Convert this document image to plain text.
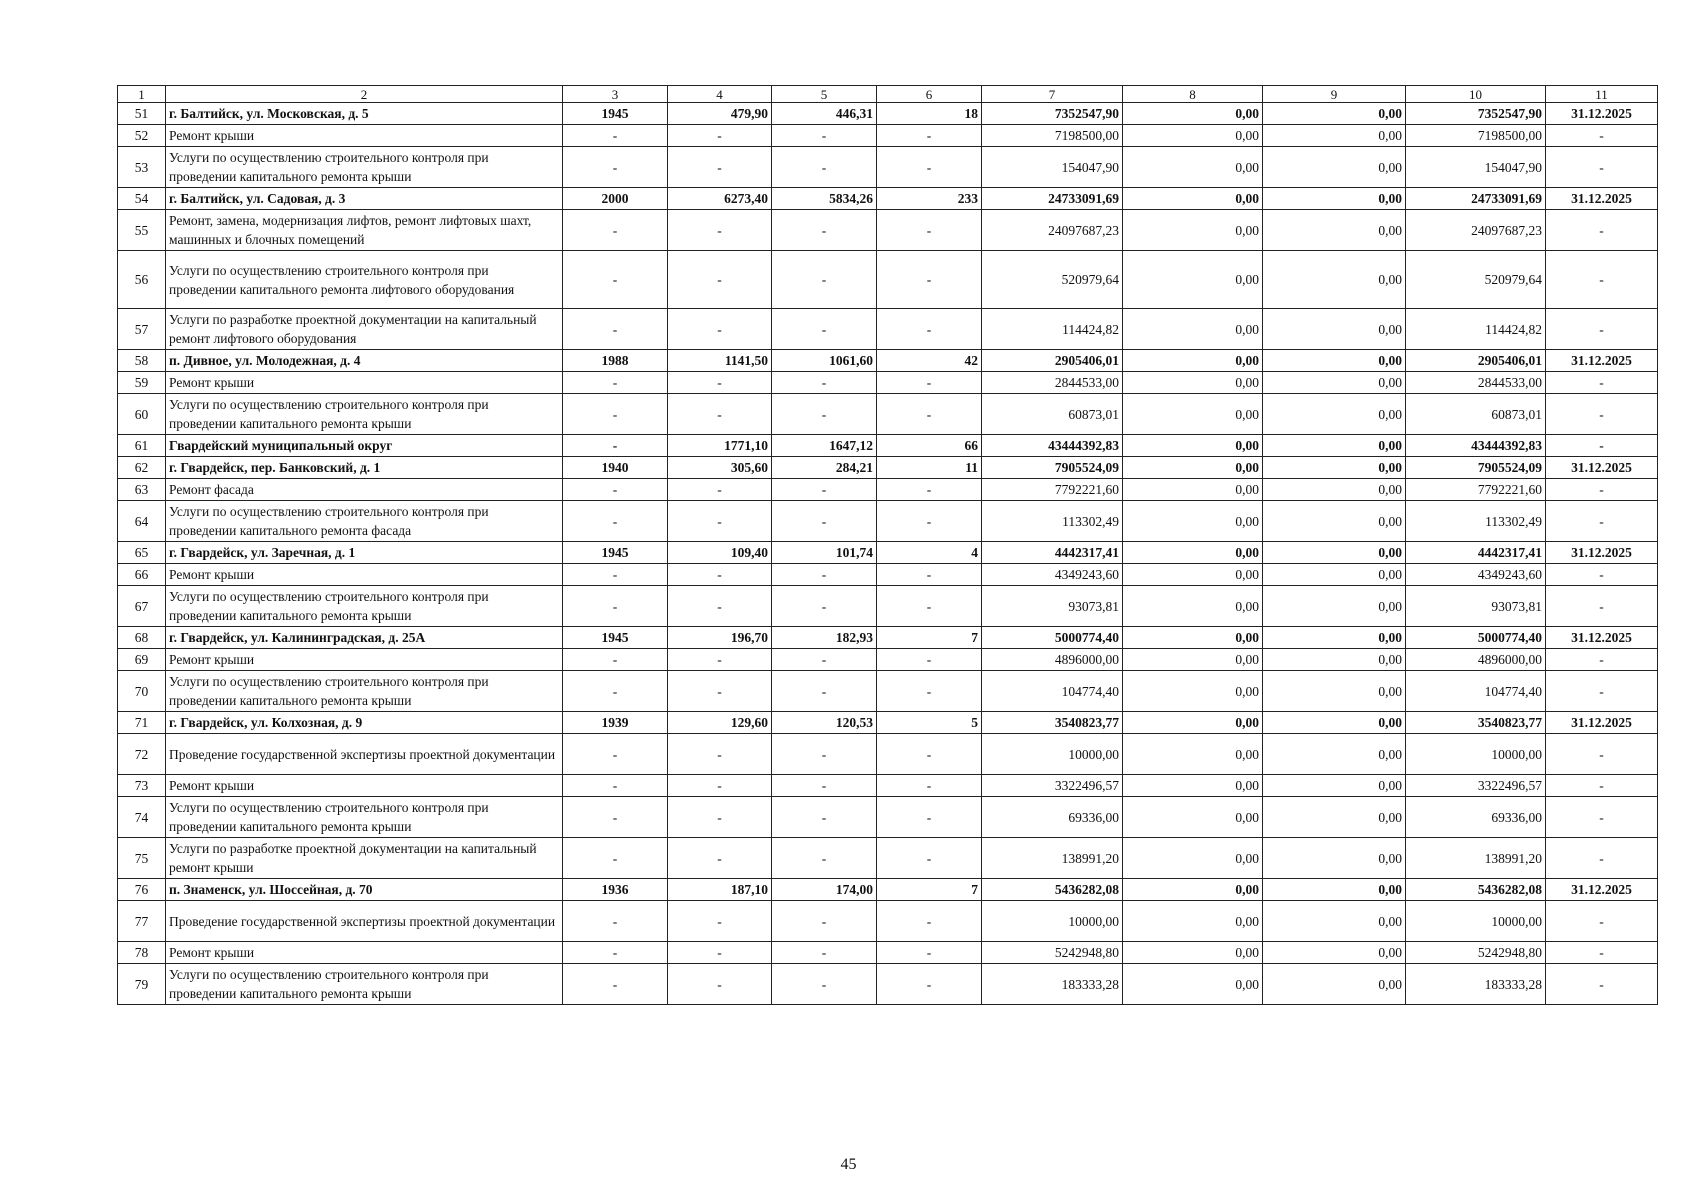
1	2	3	4	5	6	7	8	9	10	11
51	г. Балтийск, ул. Московская, д. 5	1945	479,90	446,31	18	7352547,90	0,00	0,00	7352547,90	31.12.2025
52	Ремонт крыши	-	-	-	-	7198500,00	0,00	0,00	7198500,00	-
53	Услуги по осуществлению строительного контроля при проведении капитального ремонта крыши	-	-	-	-	154047,90	0,00	0,00	154047,90	-
54	г. Балтийск, ул. Садовая, д. 3	2000	6273,40	5834,26	233	24733091,69	0,00	0,00	24733091,69	31.12.2025
55	Ремонт, замена, модернизация лифтов, ремонт лифтовых шахт, машинных и блочных помещений	-	-	-	-	24097687,23	0,00	0,00	24097687,23	-
56	Услуги по осуществлению строительного контроля при проведении капитального ремонта лифтового оборудования	-	-	-	-	520979,64	0,00	0,00	520979,64	-
57	Услуги по разработке проектной документации на капитальный ремонт лифтового оборудования	-	-	-	-	114424,82	0,00	0,00	114424,82	-
58	п. Дивное, ул. Молодежная, д. 4	1988	1141,50	1061,60	42	2905406,01	0,00	0,00	2905406,01	31.12.2025
59	Ремонт крыши	-	-	-	-	2844533,00	0,00	0,00	2844533,00	-
60	Услуги по осуществлению строительного контроля при проведении капитального ремонта крыши	-	-	-	-	60873,01	0,00	0,00	60873,01	-
61	Гвардейский муниципальный округ	-	1771,10	1647,12	66	43444392,83	0,00	0,00	43444392,83	-
62	г. Гвардейск, пер. Банковский, д. 1	1940	305,60	284,21	11	7905524,09	0,00	0,00	7905524,09	31.12.2025
63	Ремонт фасада	-	-	-	-	7792221,60	0,00	0,00	7792221,60	-
64	Услуги по осуществлению строительного контроля при проведении капитального ремонта фасада	-	-	-	-	113302,49	0,00	0,00	113302,49	-
65	г. Гвардейск, ул. Заречная, д. 1	1945	109,40	101,74	4	4442317,41	0,00	0,00	4442317,41	31.12.2025
66	Ремонт крыши	-	-	-	-	4349243,60	0,00	0,00	4349243,60	-
67	Услуги по осуществлению строительного контроля при проведении капитального ремонта крыши	-	-	-	-	93073,81	0,00	0,00	93073,81	-
68	г. Гвардейск, ул. Калининградская, д. 25А	1945	196,70	182,93	7	5000774,40	0,00	0,00	5000774,40	31.12.2025
69	Ремонт крыши	-	-	-	-	4896000,00	0,00	0,00	4896000,00	-
70	Услуги по осуществлению строительного контроля при проведении капитального ремонта крыши	-	-	-	-	104774,40	0,00	0,00	104774,40	-
71	г. Гвардейск, ул. Колхозная, д. 9	1939	129,60	120,53	5	3540823,77	0,00	0,00	3540823,77	31.12.2025
72	Проведение государственной экспертизы проектной документации	-	-	-	-	10000,00	0,00	0,00	10000,00	-
73	Ремонт крыши	-	-	-	-	3322496,57	0,00	0,00	3322496,57	-
74	Услуги по осуществлению строительного контроля при проведении капитального ремонта крыши	-	-	-	-	69336,00	0,00	0,00	69336,00	-
75	Услуги по разработке проектной документации на капитальный ремонт крыши	-	-	-	-	138991,20	0,00	0,00	138991,20	-
76	п. Знаменск, ул. Шоссейная, д. 70	1936	187,10	174,00	7	5436282,08	0,00	0,00	5436282,08	31.12.2025
77	Проведение государственной экспертизы проектной документации	-	-	-	-	10000,00	0,00	0,00	10000,00	-
78	Ремонт крыши	-	-	-	-	5242948,80	0,00	0,00	5242948,80	-
79	Услуги по осуществлению строительного контроля при проведении капитального ремонта крыши	-	-	-	-	183333,28	0,00	0,00	183333,28	-
45
